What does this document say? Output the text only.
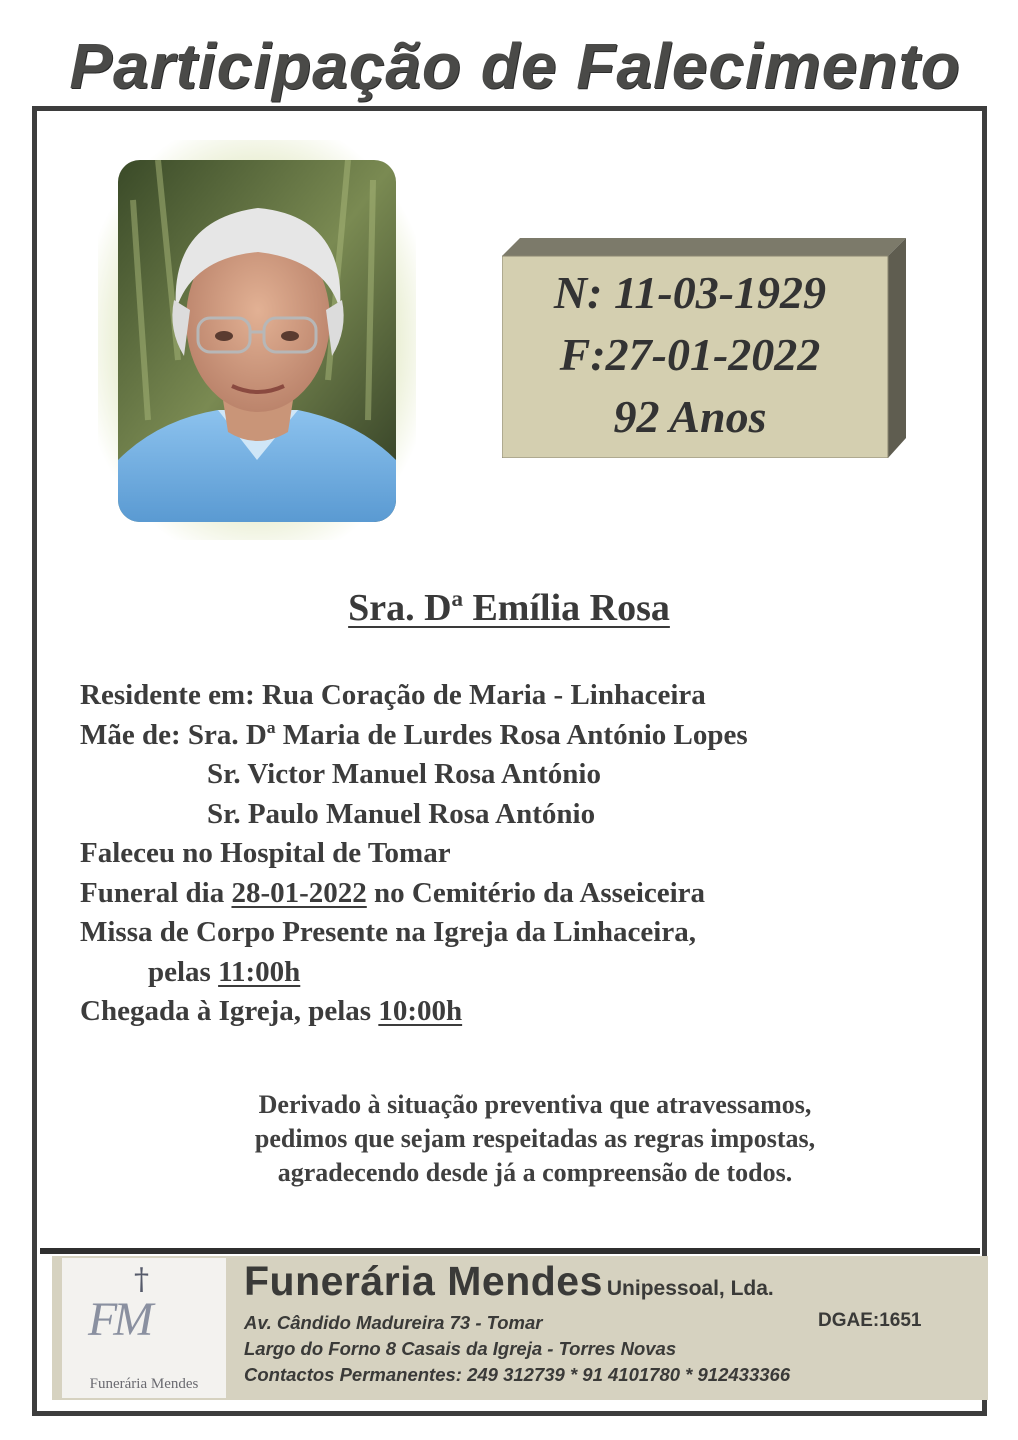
Participação de Falecimento
N: 11-03-1929
F:27-01-2022
92 Anos
Sra. Dª Emília Rosa
Residente em: Rua Coração de Maria - Linhaceira
Mãe de: Sra. Dª Maria de Lurdes Rosa António Lopes
Sr. Victor Manuel Rosa António
Sr. Paulo Manuel Rosa António
Faleceu no Hospital de Tomar
Funeral dia 28-01-2022 no Cemitério da Asseiceira
Missa de Corpo Presente na Igreja da Linhaceira,
pelas 11:00h
Chegada à Igreja, pelas 10:00h
Derivado à situação preventiva que atravessamos,
pedimos que sejam respeitadas as regras impostas,
agradecendo desde já a compreensão de todos.
†
FM
Funerária Mendes
Funerária Mendes Unipessoal, Lda.
Av. Cândido Madureira 73 - Tomar	DGAE:1651
Largo do Forno 8 Casais da Igreja - Torres Novas
Contactos Permanentes: 249 312739 * 91 4101780 * 912433366
